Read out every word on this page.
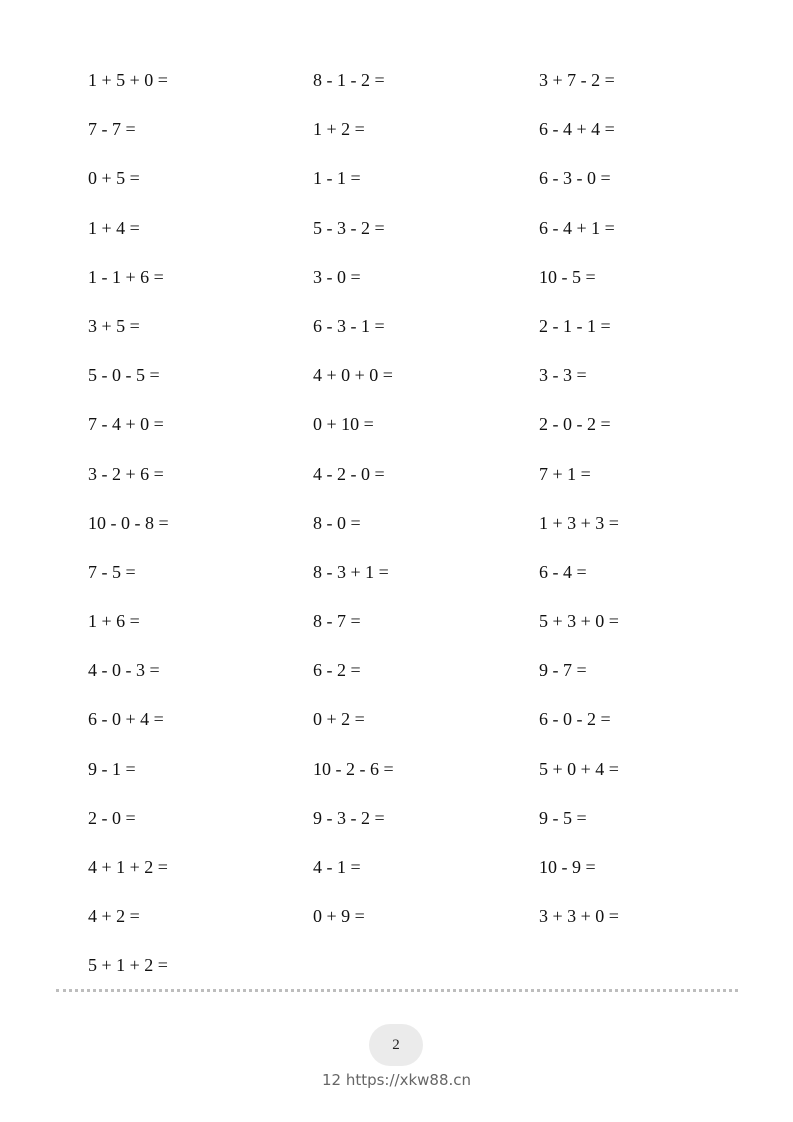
1 + 5 + 0 =	8 - 1 - 2 =	3 + 7 - 2 =
7 - 7 =	1 + 2 =	6 - 4 + 4 =
0 + 5 =	1 - 1 =	6 - 3 - 0 =
1 + 4 =	5 - 3 - 2 =	6 - 4 + 1 =
1 - 1 + 6 =	3 - 0 =	10 - 5 =
3 + 5 =	6 - 3 - 1 =	2 - 1 - 1 =
5 - 0 - 5 =	4 + 0 + 0 =	3 - 3 =
7 - 4 + 0 =	0 + 10 =	2 - 0 - 2 =
3 - 2 + 6 =	4 - 2 - 0 =	7 + 1 =
10 - 0 - 8 =	8 - 0 =	1 + 3 + 3 =
7 - 5 =	8 - 3 + 1 =	6 - 4 =
1 + 6 =	8 - 7 =	5 + 3 + 0 =
4 - 0 - 3 =	6 - 2 =	9 - 7 =
6 - 0 + 4 =	0 + 2 =	6 - 0 - 2 =
9 - 1 =	10 - 2 - 6 =	5 + 0 + 4 =
2 - 0 =	9 - 3 - 2 =	9 - 5 =
4 + 1 + 2 =	4 - 1 =	10 - 9 =
4 + 2 =	0 + 9 =	3 + 3 + 0 =
5 + 1 + 2 =
2
12 https://xkw88.cn
